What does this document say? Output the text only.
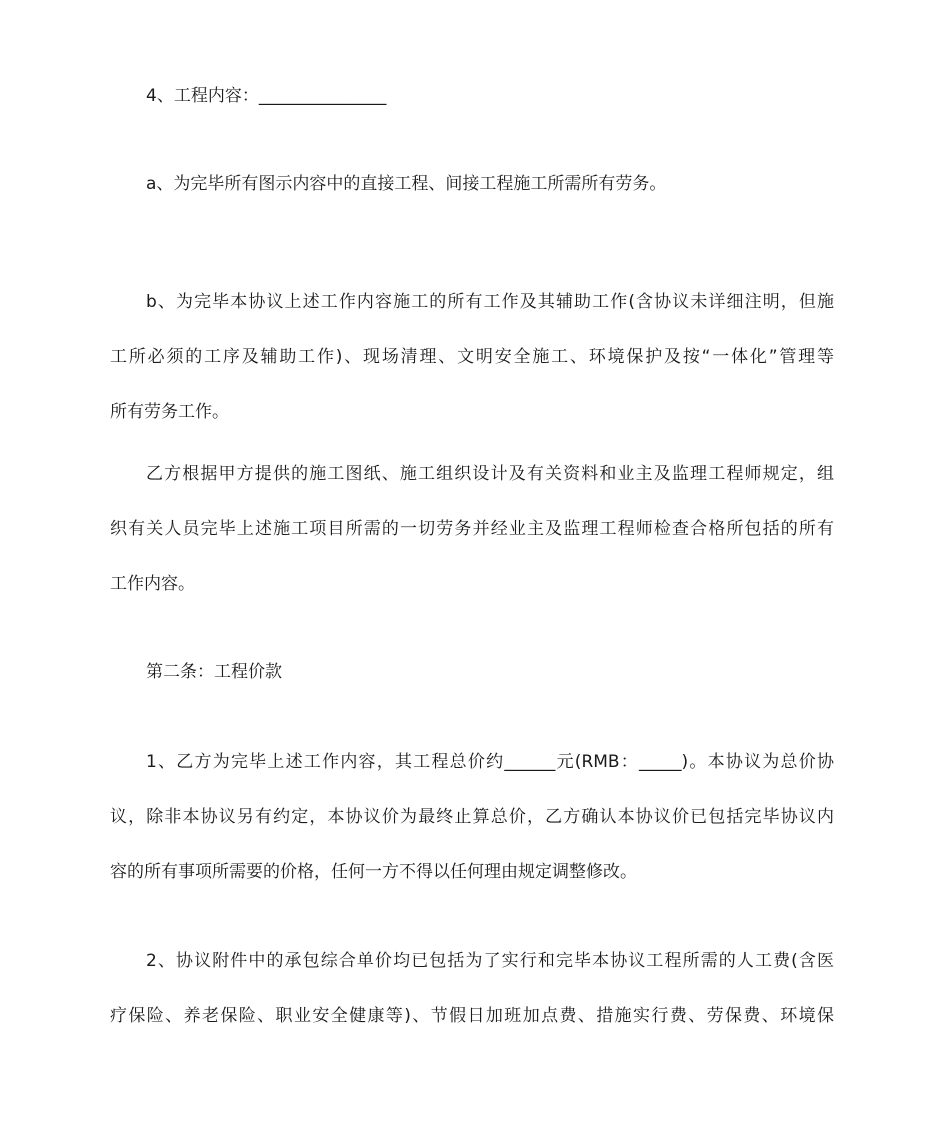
4、工程内容：_______________
a、为完毕所有图示内容中的直接工程、间接工程施工所需所有劳务。
b、为完毕本协议上述工作内容施工的所有工作及其辅助工作(含协议未详细注明，但施
工所必须的工序及辅助工作)、现场清理、文明安全施工、环境保护及按“一体化”管理等
所有劳务工作。
乙方根据甲方提供的施工图纸、施工组织设计及有关资料和业主及监理工程师规定，组
织有关人员完毕上述施工项目所需的一切劳务并经业主及监理工程师检查合格所包括的所有
工作内容。
第二条：工程价款
1、乙方为完毕上述工作内容，其工程总价约______元(RMB：_____)。本协议为总价协
议，除非本协议另有约定，本协议价为最终止算总价，乙方确认本协议价已包括完毕协议内
容的所有事项所需要的价格，任何一方不得以任何理由规定调整修改。
2、协议附件中的承包综合单价均已包括为了实行和完毕本协议工程所需的人工费(含医
疗保险、养老保险、职业安全健康等)、节假日加班加点费、措施实行费、劳保费、环境保
